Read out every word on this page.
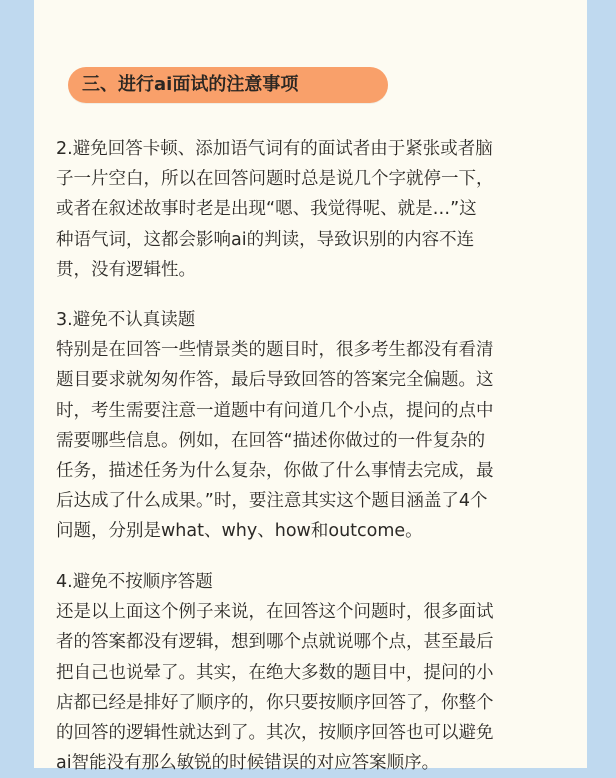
三、进行ai面试的注意事项
2.避免回答卡顿、添加语气词有的面试者由于紧张或者脑
子一片空白，所以在回答问题时总是说几个字就停一下，
或者在叙述故事时老是出现“嗯、我觉得呢、就是…”这
种语气词，这都会影响ai的判读，导致识别的内容不连
贯，没有逻辑性。
3.避免不认真读题
特别是在回答一些情景类的题目时，很多考生都没有看清
题目要求就匆匆作答，最后导致回答的答案完全偏题。这
时，考生需要注意一道题中有问道几个小点，提问的点中
需要哪些信息。例如，在回答“描述你做过的一件复杂的
任务，描述任务为什么复杂，你做了什么事情去完成，最
后达成了什么成果。”时，要注意其实这个题目涵盖了4个
问题，分别是what、why、how和outcome。
4.避免不按顺序答题
还是以上面这个例子来说，在回答这个问题时，很多面试
者的答案都没有逻辑，想到哪个点就说哪个点，甚至最后
把自己也说晕了。其实，在绝大多数的题目中，提问的小
店都已经是排好了顺序的，你只要按顺序回答了，你整个
的回答的逻辑性就达到了。其次，按顺序回答也可以避免
ai智能没有那么敏锐的时候错误的对应答案顺序。
